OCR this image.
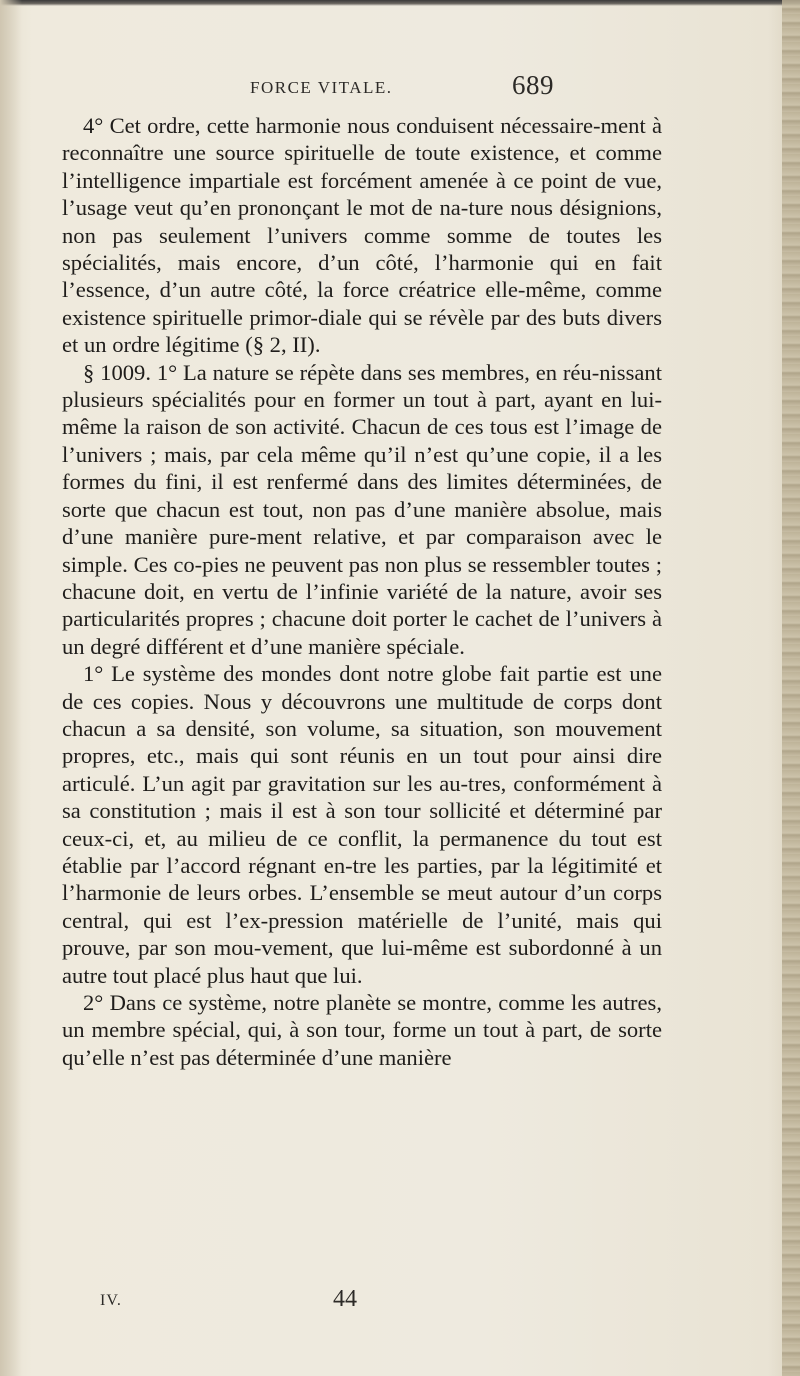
FORCE VITALE.	689

4° Cet ordre, cette harmonie nous conduisent nécessaire-ment à reconnaître une source spirituelle de toute existence, et comme l’intelligence impartiale est forcément amenée à ce point de vue, l’usage veut qu’en prononçant le mot de na-ture nous désignions, non pas seulement l’univers comme somme de toutes les spécialités, mais encore, d’un côté, l’harmonie qui en fait l’essence, d’un autre côté, la force créatrice elle-même, comme existence spirituelle primor-diale qui se révèle par des buts divers et un ordre légitime (§ 2, II).

§ 1009. 1° La nature se répète dans ses membres, en réu-nissant plusieurs spécialités pour en former un tout à part, ayant en lui-même la raison de son activité. Chacun de ces tous est l’image de l’univers ; mais, par cela même qu’il n’est qu’une copie, il a les formes du fini, il est renfermé dans des limites déterminées, de sorte que chacun est tout, non pas d’une manière absolue, mais d’une manière pure-ment relative, et par comparaison avec le simple. Ces co-pies ne peuvent pas non plus se ressembler toutes ; chacune doit, en vertu de l’infinie variété de la nature, avoir ses particularités propres ; chacune doit porter le cachet de l’univers à un degré différent et d’une manière spéciale.

1° Le système des mondes dont notre globe fait partie est une de ces copies. Nous y découvrons une multitude de corps dont chacun a sa densité, son volume, sa situation, son mouvement propres, etc., mais qui sont réunis en un tout pour ainsi dire articulé. L’un agit par gravitation sur les au-tres, conformément à sa constitution ; mais il est à son tour sollicité et déterminé par ceux-ci, et, au milieu de ce conflit, la permanence du tout est établie par l’accord régnant en-tre les parties, par la légitimité et l’harmonie de leurs orbes. L’ensemble se meut autour d’un corps central, qui est l’ex-pression matérielle de l’unité, mais qui prouve, par son mou-vement, que lui-même est subordonné à un autre tout placé plus haut que lui.

2° Dans ce système, notre planète se montre, comme les autres, un membre spécial, qui, à son tour, forme un tout à part, de sorte qu’elle n’est pas déterminée d’une manière

IV.	44
